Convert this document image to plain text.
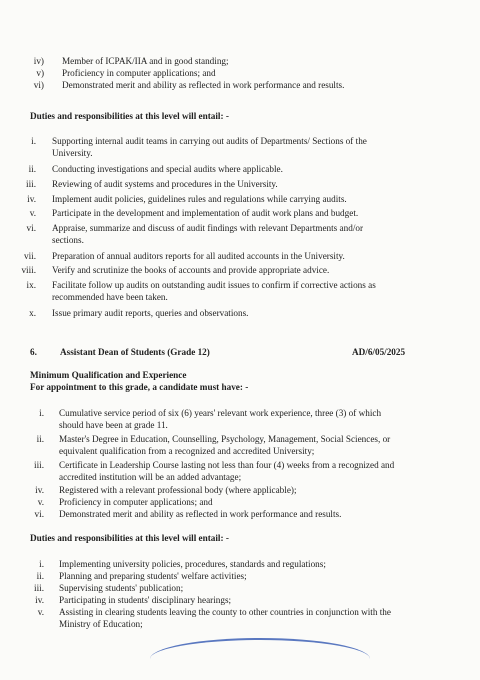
iv) Member of ICPAK/IIA and in good standing;
v) Proficiency in computer applications; and
vi) Demonstrated merit and ability as reflected in work performance and results.
Duties and responsibilities at this level will entail: -
i. Supporting internal audit teams in carrying out audits of Departments/ Sections of the
University.
ii. Conducting investigations and special audits where applicable.
iii. Reviewing of audit systems and procedures in the University.
iv. Implement audit policies, guidelines rules and regulations while carrying audits.
v. Participate in the development and implementation of audit work plans and budget.
vi. Appraise, summarize and discuss of audit findings with relevant Departments and/or
sections.
vii. Preparation of annual auditors reports for all audited accounts in the University.
viii. Verify and scrutinize the books of accounts and provide appropriate advice.
ix. Facilitate follow up audits on outstanding audit issues to confirm if corrective actions as
recommended have been taken.
x. Issue primary audit reports, queries and observations.
6.	Assistant Dean of Students (Grade 12)	AD/6/05/2025
Minimum Qualification and Experience
For appointment to this grade, a candidate must have: -
i. Cumulative service period of six (6) years' relevant work experience, three (3) of which
should have been at grade 11.
ii. Master's Degree in Education, Counselling, Psychology, Management, Social Sciences, or
equivalent qualification from a recognized and accredited University;
iii. Certificate in Leadership Course lasting not less than four (4) weeks from a recognized and
accredited institution will be an added advantage;
iv. Registered with a relevant professional body (where applicable);
v. Proficiency in computer applications; and
vi. Demonstrated merit and ability as reflected in work performance and results.
Duties and responsibilities at this level will entail: -
i. Implementing university policies, procedures, standards and regulations;
ii. Planning and preparing students' welfare activities;
iii. Supervising students' publication;
iv. Participating in students' disciplinary hearings;
v. Assisting in clearing students leaving the county to other countries in conjunction with the
Ministry of Education;
